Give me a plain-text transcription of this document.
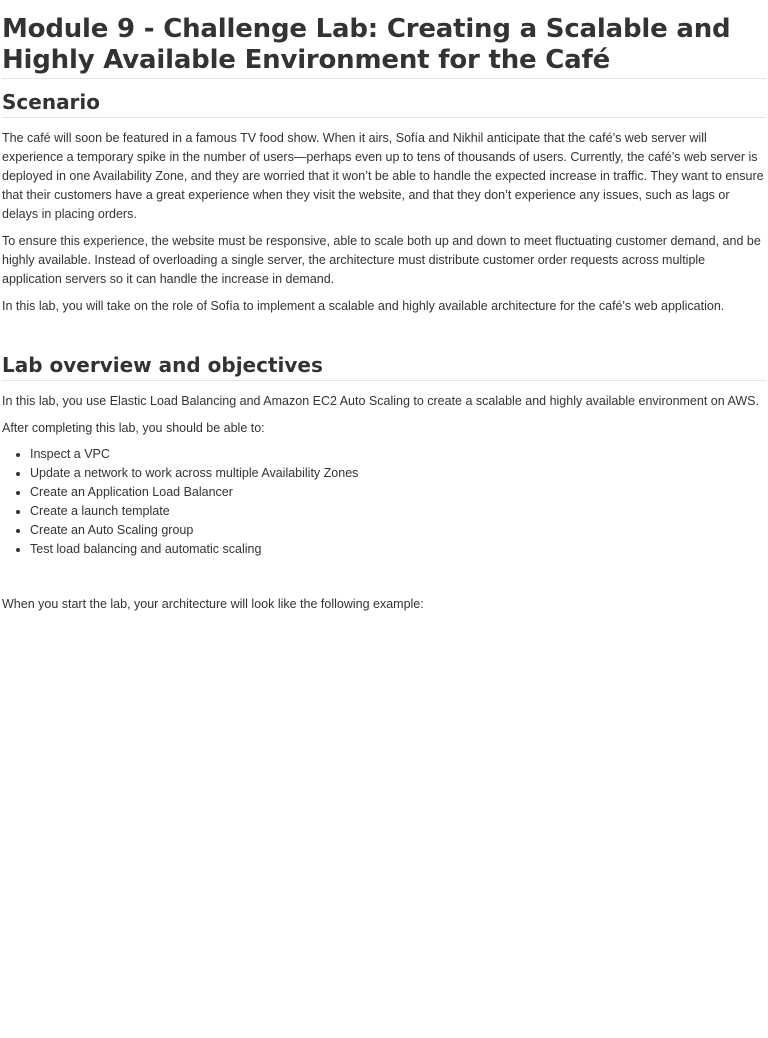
Module 9 - Challenge Lab: Creating a Scalable and Highly Available Environment for the Café
Scenario

The café will soon be featured in a famous TV food show. When it airs, Sofía and Nikhil anticipate that the café’s web server will experience a temporary spike in the number of users—perhaps even up to tens of thousands of users. Currently, the café’s web server is deployed in one Availability Zone, and they are worried that it won’t be able to handle the expected increase in traffic. They want to ensure that their customers have a great experience when they visit the website, and that they don’t experience any issues, such as lags or delays in placing orders.

To ensure this experience, the website must be responsive, able to scale both up and down to meet fluctuating customer demand, and be highly available. Instead of overloading a single server, the architecture must distribute customer order requests across multiple application servers so it can handle the increase in demand.

In this lab, you will take on the role of Sofía to implement a scalable and highly available architecture for the café's web application.

Lab overview and objectives

In this lab, you use Elastic Load Balancing and Amazon EC2 Auto Scaling to create a scalable and highly available environment on AWS.

After completing this lab, you should be able to:

• Inspect a VPC
• Update a network to work across multiple Availability Zones
• Create an Application Load Balancer
• Create a launch template
• Create an Auto Scaling group
• Test load balancing and automatic scaling

When you start the lab, your architecture will look like the following example:
